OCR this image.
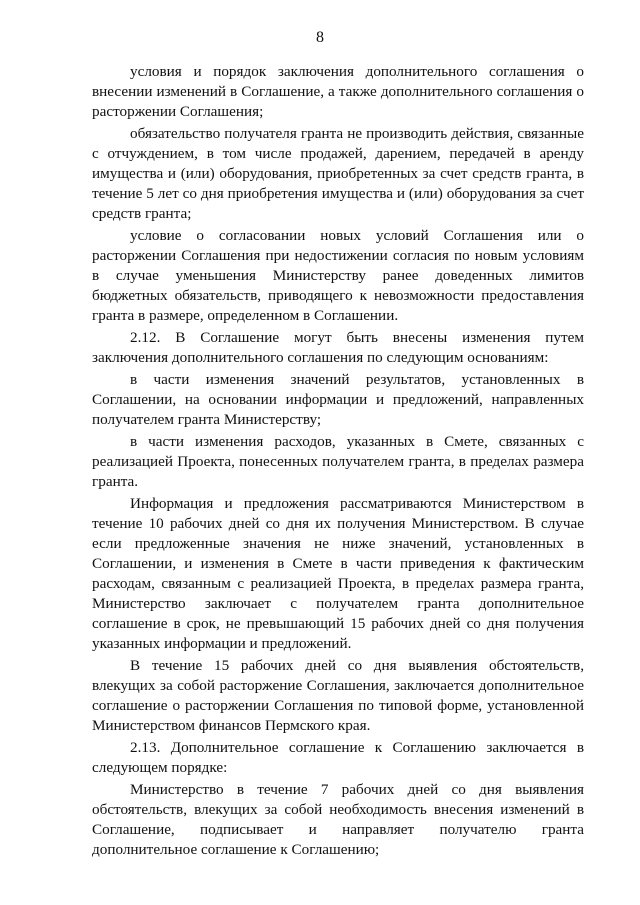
8

условия и порядок заключения дополнительного соглашения о внесении изменений в Соглашение, а также дополнительного соглашения о расторжении Соглашения;

обязательство получателя гранта не производить действия, связанные с отчуждением, в том числе продажей, дарением, передачей в аренду имущества и (или) оборудования, приобретенных за счет средств гранта, в течение 5 лет со дня приобретения имущества и (или) оборудования за счет средств гранта;

условие о согласовании новых условий Соглашения или о расторжении Соглашения при недостижении согласия по новым условиям в случае уменьшения Министерству ранее доведенных лимитов бюджетных обязательств, приводящего к невозможности предоставления гранта в размере, определенном в Соглашении.

2.12. В Соглашение могут быть внесены изменения путем заключения дополнительного соглашения по следующим основаниям:

в части изменения значений результатов, установленных в Соглашении, на основании информации и предложений, направленных получателем гранта Министерству;

в части изменения расходов, указанных в Смете, связанных с реализацией Проекта, понесенных получателем гранта, в пределах размера гранта.

Информация и предложения рассматриваются Министерством в течение 10 рабочих дней со дня их получения Министерством. В случае если предложенные значения не ниже значений, установленных в Соглашении, и изменения в Смете в части приведения к фактическим расходам, связанным с реализацией Проекта, в пределах размера гранта, Министерство заключает с получателем гранта дополнительное соглашение в срок, не превышающий 15 рабочих дней со дня получения указанных информации и предложений.

В течение 15 рабочих дней со дня выявления обстоятельств, влекущих за собой расторжение Соглашения, заключается дополнительное соглашение о расторжении Соглашения по типовой форме, установленной Министерством финансов Пермского края.

2.13. Дополнительное соглашение к Соглашению заключается в следующем порядке:

Министерство в течение 7 рабочих дней со дня выявления обстоятельств, влекущих за собой необходимость внесения изменений в Соглашение, подписывает и направляет получателю гранта дополнительное соглашение к Соглашению;
